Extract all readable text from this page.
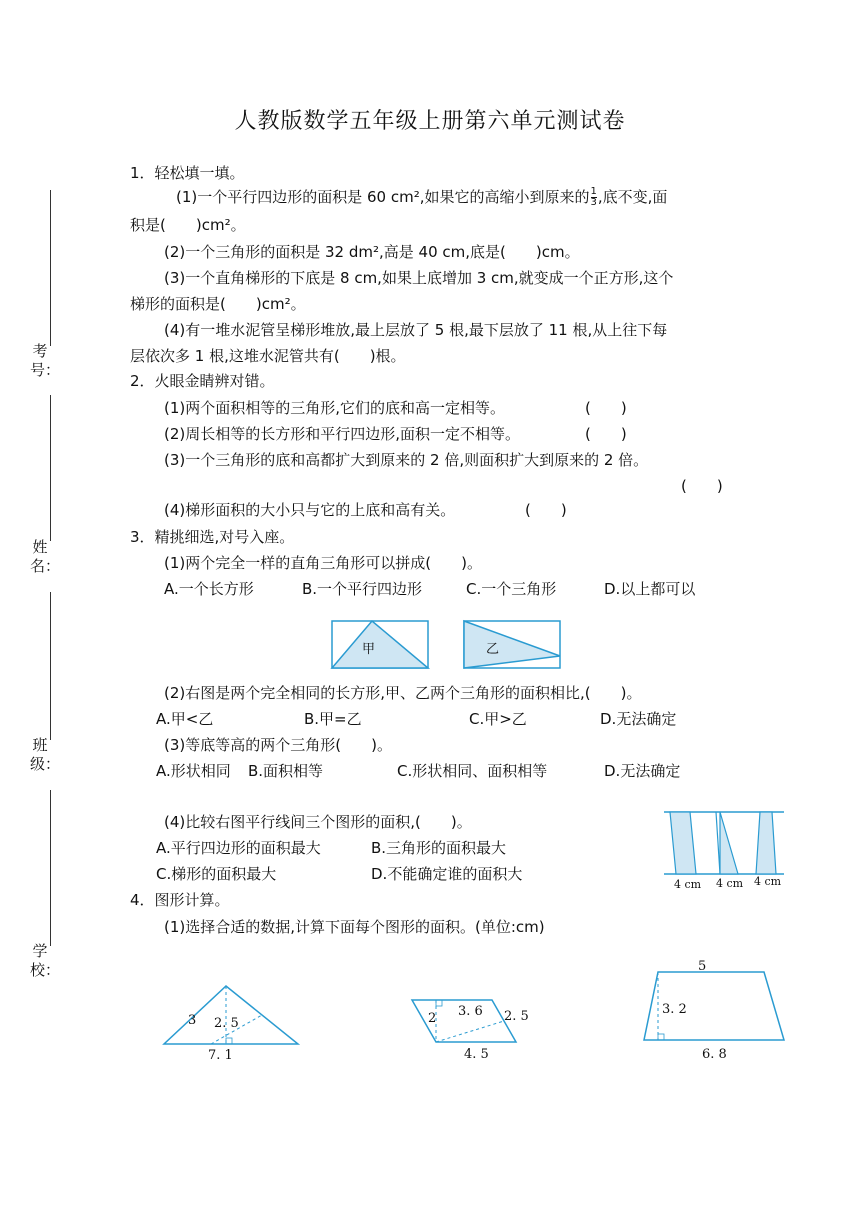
人教版数学五年级上册第六单元测试卷
考号：
姓名：
班级：
学校：
1．轻松填一填。
(1)一个平行四边形的面积是 60 cm²,如果它的高缩小到原来的 $\frac{1}{3}$ ,底不变,面
积是(　　)cm²。
(2)一个三角形的面积是 32 dm²,高是 40 cm,底是(　　)cm。
(3)一个直角梯形的下底是 8 cm,如果上底增加 3 cm,就变成一个正方形,这个
梯形的面积是(　　)cm²。
(4)有一堆水泥管呈梯形堆放,最上层放了 5 根,最下层放了 11 根,从上往下每
层依次多 1 根,这堆水泥管共有(　　)根。
2．火眼金睛辨对错。
(1)两个面积相等的三角形,它们的底和高一定相等。	(　　)
(2)周长相等的长方形和平行四边形,面积一定不相等。	(　　)
(3)一个三角形的底和高都扩大到原来的 2 倍,则面积扩大到原来的 2 倍。
(　　)
(4)梯形面积的大小只与它的上底和高有关。	(　　)
3．精挑细选,对号入座。
(1)两个完全一样的直角三角形可以拼成(　　)。
A.一个长方形	B.一个平行四边形	C.一个三角形	D.以上都可以
甲	乙
(2)右图是两个完全相同的长方形,甲、乙两个三角形的面积相比,(　　)。
A.甲<乙	B.甲=乙	C.甲>乙	D.无法确定
(3)等底等高的两个三角形(　　)。
A.形状相同 B.面积相等	C.形状相同、面积相等	D.无法确定
(4)比较右图平行线间三个图形的面积,(　　)。
A.平行四边形的面积最大	B.三角形的面积最大
C.梯形的面积最大	D.不能确定谁的面积大
4 cm 4 cm 4 cm
4．图形计算。
(1)选择合适的数据,计算下面每个图形的面积。(单位:cm)
3 2. 5
7. 1
2 3. 6 2. 5
4. 5
5
3. 2
6. 8
